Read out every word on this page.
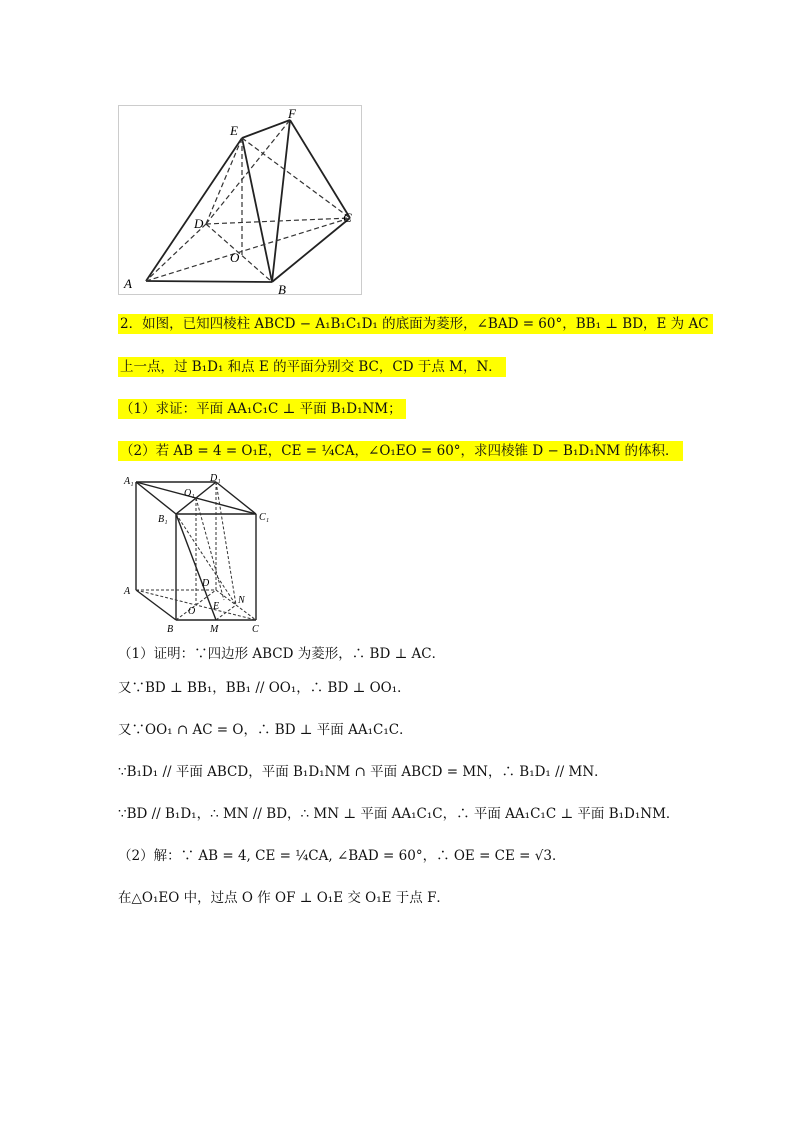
E
F
D	C
O
A	B
2．如图，已知四棱柱 ABCD − A₁B₁C₁D₁ 的底面为菱形，∠BAD = 60°，BB₁ ⊥ BD，E 为 AC
上一点，过 B₁D₁ 和点 E 的平面分别交 BC，CD 于点 M，N．
（1）求证：平面 AA₁C₁C ⊥ 平面 B₁D₁NM；
（2）若 AB = 4 = O₁E，CE = ¼CA，∠O₁EO = 60°，求四棱锥 D − B₁D₁NM 的体积．
A₁
O₁
D₁
B₁	C₁
A
D
N
O E
B	M	C
（1）证明：∵四边形 ABCD 为菱形，∴ BD ⊥ AC．
又∵BD ⊥ BB₁，BB₁ // OO₁，∴ BD ⊥ OO₁．
又∵OO₁ ∩ AC = O，∴ BD ⊥ 平面 AA₁C₁C．
∵B₁D₁ // 平面 ABCD，平面 B₁D₁NM ∩ 平面 ABCD = MN，∴ B₁D₁ // MN．
∵BD // B₁D₁，∴ MN // BD，∴ MN ⊥ 平面 AA₁C₁C，∴ 平面 AA₁C₁C ⊥ 平面 B₁D₁NM．
（2）解：∵ AB = 4, CE = ¼CA, ∠BAD = 60°，∴ OE = CE = √3．
在△O₁EO 中，过点 O 作 OF ⊥ O₁E 交 O₁E 于点 F．
